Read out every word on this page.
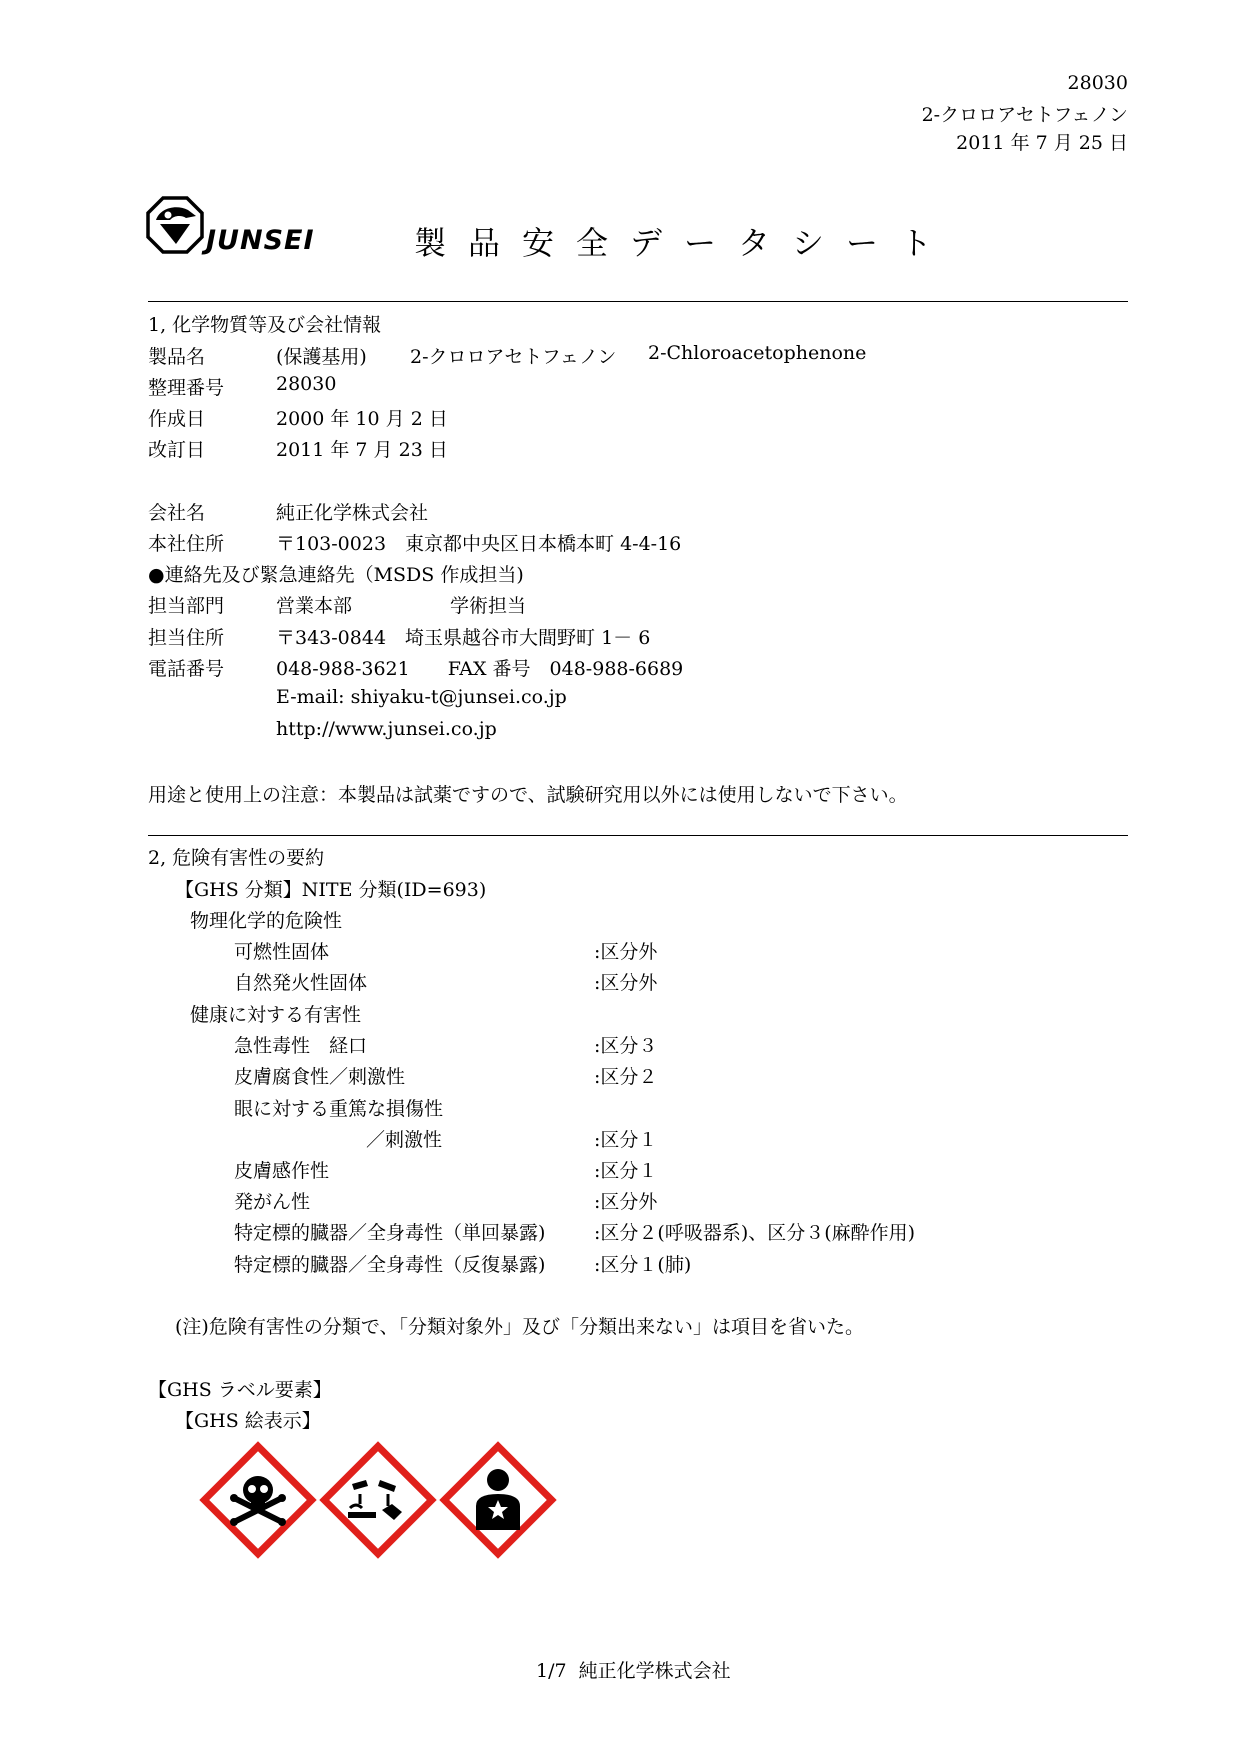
28030
2-クロロアセトフェノン
2011 年 7 月 25 日
JUNSEI	製 品 安 全 デ ー タ シ ー ト
1, 化学物質等及び会社情報
製品名	(保護基用) 2-クロロアセトフェノン 2-Chloroacetophenone
整理番号	28030
作成日	2000 年 10 月 2 日
改訂日	2011 年 7 月 23 日
会社名	純正化学株式会社
本社住所	〒103-0023　東京都中央区日本橋本町 4-4-16
●連絡先及び緊急連絡先（MSDS 作成担当)
担当部門	営業本部	学術担当
担当住所	〒343-0844　埼玉県越谷市大間野町 1－ 6
電話番号	048-988-3621　　FAX 番号　048-988-6689
E-mail: shiyaku-t@junsei.co.jp
http://www.junsei.co.jp
用途と使用上の注意：本製品は試薬ですので、試験研究用以外には使用しないで下さい。
2, 危険有害性の要約
【GHS 分類】NITE 分類(ID=693)
物理化学的危険性
可燃性固体	:区分外
自然発火性固体	:区分外
健康に対する有害性
急性毒性　経口	:区分３
皮膚腐食性／刺激性	:区分２
眼に対する重篤な損傷性
／刺激性	:区分１
皮膚感作性	:区分１
発がん性	:区分外
特定標的臓器／全身毒性（単回暴露)	:区分２(呼吸器系)、区分３(麻酔作用)
特定標的臓器／全身毒性（反復暴露)	:区分１(肺)
(注)危険有害性の分類で、「分類対象外」及び「分類出来ない」は項目を省いた。
【GHS ラベル要素】
【GHS 絵表示】
1/7 純正化学株式会社
